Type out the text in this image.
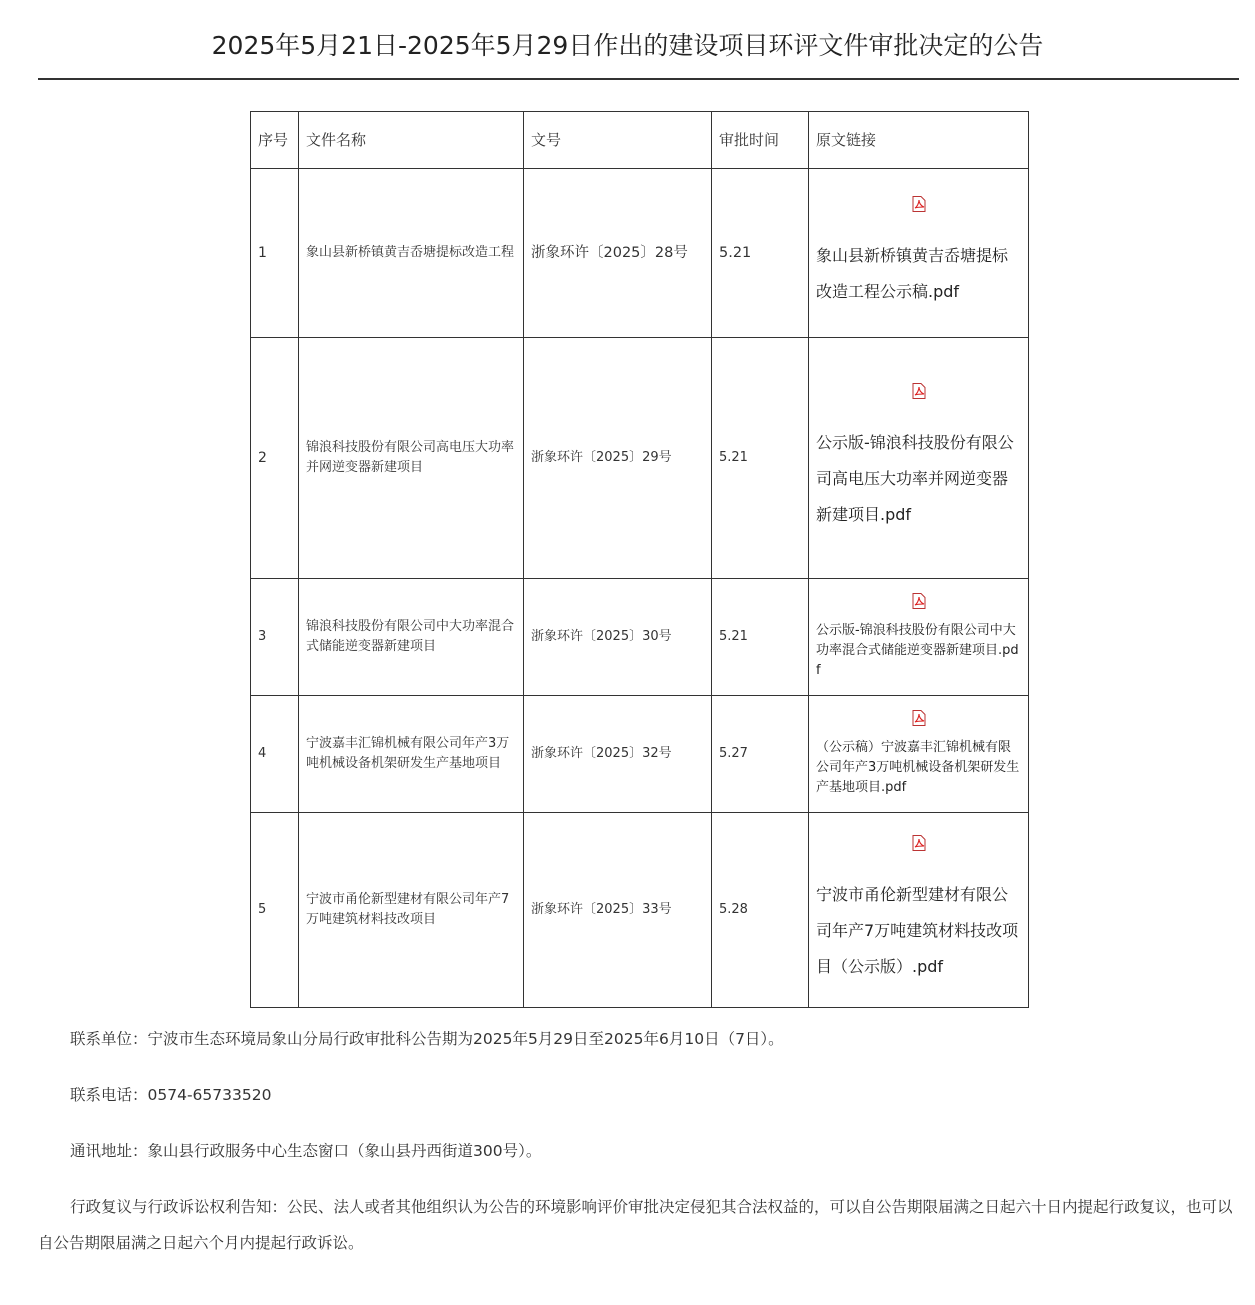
2025年5月21日-2025年5月29日作出的建设项目环评文件审批决定的公告
序号	文件名称	文号	审批时间	原文链接
1	象山县新桥镇黄吉岙塘提标改造工程	浙象环许〔2025〕28号	5.21	象山县新桥镇黄吉岙塘提标改造工程公示稿.pdf

2	锦浪科技股份有限公司高电压大功率并网逆变器新建项目	浙象环许〔2025〕29号	5.21	公示版-锦浪科技股份有限公司高电压大功率并网逆变器新建项目.pdf

3	锦浪科技股份有限公司中大功率混合式储能逆变器新建项目	浙象环许〔2025〕30号	5.21	公示版-锦浪科技股份有限公司中大功率混合式储能逆变器新建项目.pdf

4	宁波嘉丰汇锦机械有限公司年产3万吨机械设备机架研发生产基地项目	浙象环许〔2025〕32号	5.27	（公示稿）宁波嘉丰汇锦机械有限公司年产3万吨机械设备机架研发生产基地项目.pdf

5	宁波市甬伦新型建材有限公司年产7万吨建筑材料技改项目	浙象环许〔2025〕33号	5.28	宁波市甬伦新型建材有限公司年产7万吨建筑材料技改项目（公示版）.pdf

联系单位：宁波市生态环境局象山分局行政审批科公告期为2025年5月29日至2025年6月10日（7日）。

联系电话：0574-65733520

通讯地址：象山县行政服务中心生态窗口（象山县丹西街道300号）。

行政复议与行政诉讼权利告知：公民、法人或者其他组织认为公告的环境影响评价审批决定侵犯其合法权益的，可以自公告期限届满之日起六十日内提起行政复议，也可以自公告期限届满之日起六个月内提起行政诉讼。
